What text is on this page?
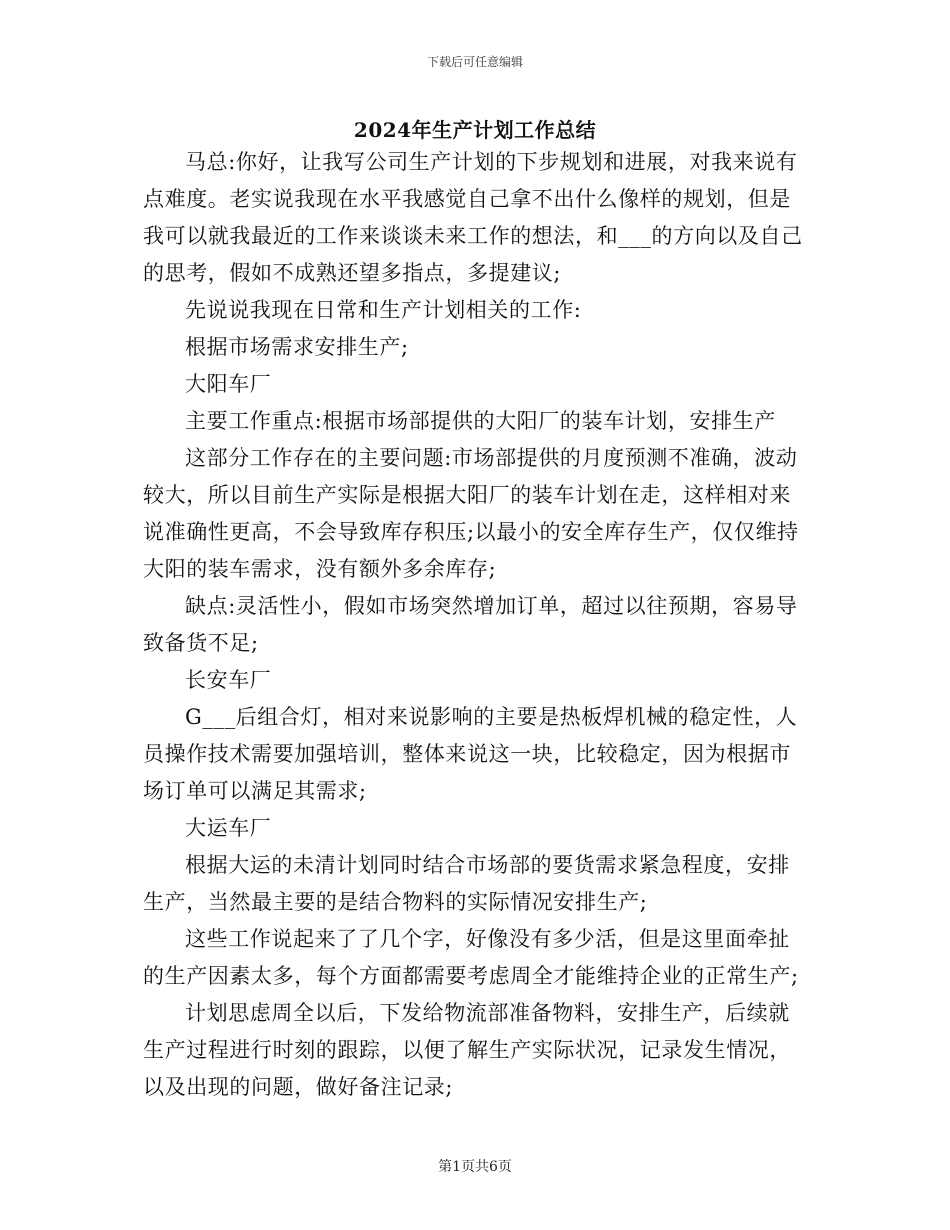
下载后可任意编辑
2024年生产计划工作总结

马总:你好，让我写公司生产计划的下步规划和进展，对我来说有点难度。老实说我现在水平我感觉自己拿不出什么像样的规划，但是我可以就我最近的工作来谈谈未来工作的想法，和___的方向以及自己的思考，假如不成熟还望多指点，多提建议;

先说说我现在日常和生产计划相关的工作:

根据市场需求安排生产;

大阳车厂

主要工作重点:根据市场部提供的大阳厂的装车计划，安排生产

这部分工作存在的主要问题:市场部提供的月度预测不准确，波动较大，所以目前生产实际是根据大阳厂的装车计划在走，这样相对来说准确性更高，不会导致库存积压;以最小的安全库存生产，仅仅维持大阳的装车需求，没有额外多余库存;

缺点:灵活性小，假如市场突然增加订单，超过以往预期，容易导致备货不足;

长安车厂

G___后组合灯，相对来说影响的主要是热板焊机械的稳定性，人员操作技术需要加强培训，整体来说这一块，比较稳定，因为根据市场订单可以满足其需求;

大运车厂

根据大运的未清计划同时结合市场部的要货需求紧急程度，安排生产，当然最主要的是结合物料的实际情况安排生产;

这些工作说起来了了几个字，好像没有多少活，但是这里面牵扯的生产因素太多，每个方面都需要考虑周全才能维持企业的正常生产;

计划思虑周全以后，下发给物流部准备物料，安排生产，后续就生产过程进行时刻的跟踪，以便了解生产实际状况，记录发生情况，以及出现的问题，做好备注记录;

第1页共6页
